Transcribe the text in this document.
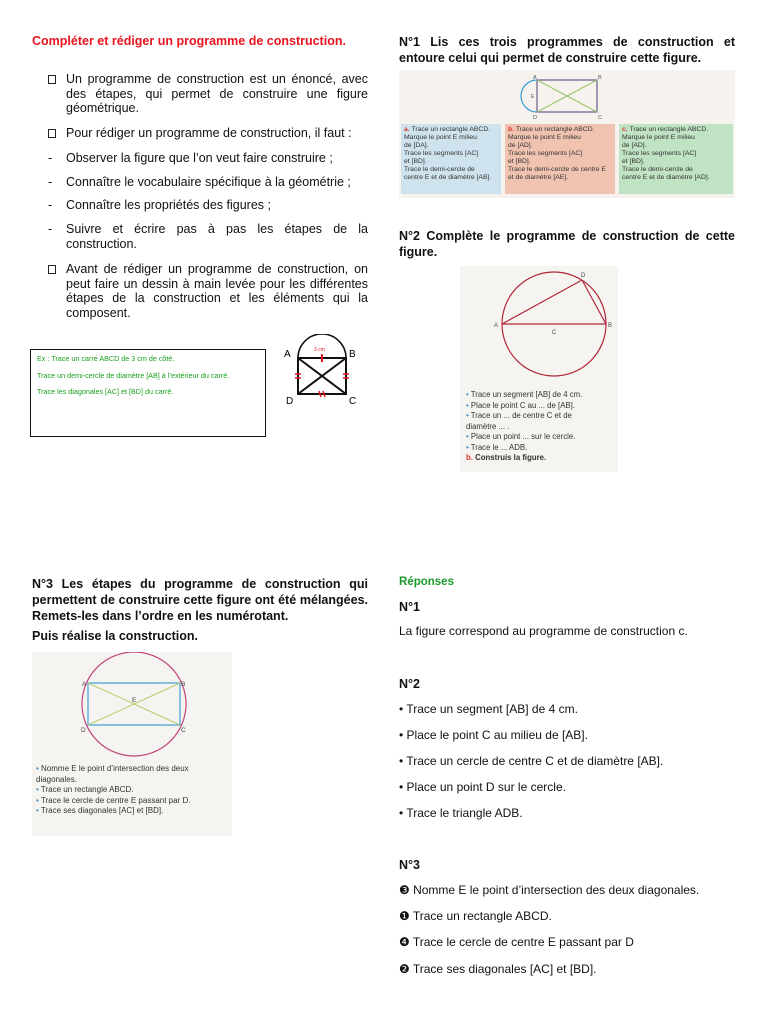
Compléter et rédiger un programme de construction.
Un programme de construction est un énoncé, avec des étapes, qui permet de construire une figure géométrique.
Pour rédiger un programme de construction, il faut :
-	Observer la figure que l’on veut faire construire ;
-	Connaître le vocabulaire spécifique à la géométrie ;
-	Connaître les propriétés des figures ;
-	Suivre et écrire pas à pas les étapes de la construction.
Avant de rédiger un programme de construction, on peut faire un dessin à main levée pour les différentes étapes de la construction et les éléments qui la composent.

Ex : Trace un carré ABCD de 3 cm de côté.

Trace un demi-cercle de diamètre [AB] à l’extérieur du carré.

Trace les diagonales [AC] et [BD] du carré.

A	B
C
D
3 cm
N°1 Lis ces trois programmes de construction et entoure celui qui permet de construire cette figure.
A	B
C
D
E
a. Trace un rectangle ABCD.
Marque le point E milieu
de [DA].
Trace les segments [AC]
et [BD].
Trace le demi-cercle de
centre E et de diamètre [AB].
b. Trace un rectangle ABCD.
Marque le point E milieu
de [AD].
Trace les segments [AC]
et [BD].
Trace le demi-cercle de centre E
et de diamètre [AE].
c. Trace un rectangle ABCD.
Marque le point E milieu
de [AD].
Trace les segments [AC]
et [BD].
Trace le demi-cercle de
centre E et de diamètre [AD].
N°2 Complète le programme de construction de cette figure.
A	B
C
D
• Trace un segment [AB] de 4 cm.
• Place le point C au ... de [AB].
• Trace un ... de centre C et de
diamètre ... .
• Place un point ... sur le cercle.
• Trace le ... ADB.
b. Construis la figure.
N°3 Les étapes du programme de construction qui permettent de construire cette figure ont été mélangées. Remets-les dans l’ordre en les numérotant.
Puis réalise la construction.
A	B
C
D
E
• Nomme E le point d’intersection des deux
diagonales.
• Trace un rectangle ABCD.
• Trace le cercle de centre E passant par D.
• Trace ses diagonales [AC] et [BD].
Réponses
N°1
La figure correspond au programme de construction c.
N°2
• Trace un segment [AB] de 4 cm.
• Place le point C au milieu de [AB].
• Trace un cercle de centre C et de diamètre [AB].
• Place un point D sur le cercle.
• Trace le triangle ADB.
N°3
❸ Nomme E le point d’intersection des deux diagonales.
❶ Trace un rectangle ABCD.
❹ Trace le cercle de centre E passant par D
❷ Trace ses diagonales [AC] et [BD].
